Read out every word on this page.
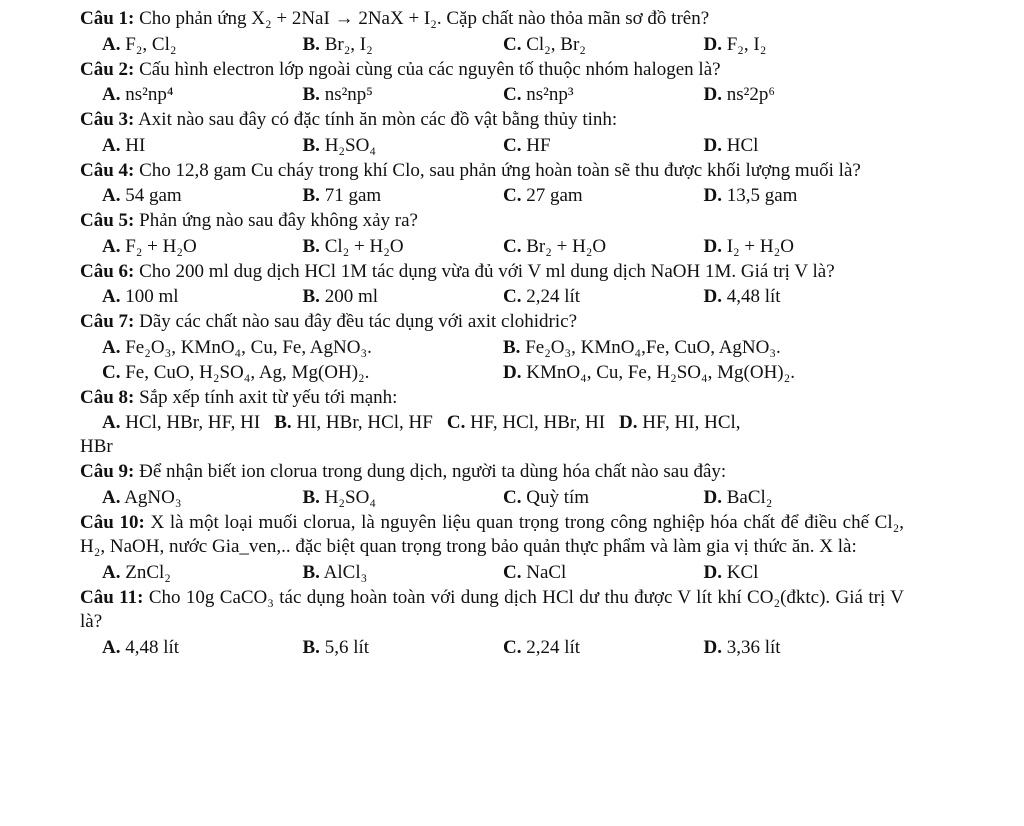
Câu 1: Cho phản ứng X₂ + 2NaI → 2NaX + I₂. Cặp chất nào thỏa mãn sơ đồ trên?

A. F₂, Cl₂	B. Br₂, I₂	C. Cl₂, Br₂	D. F₂, I₂

Câu 2: Cấu hình electron lớp ngoài cùng của các nguyên tố thuộc nhóm halogen là?

A. ns²np⁴	B. ns²np⁵	C. ns²np³	D. ns²2p⁶

Câu 3: Axit nào sau đây có đặc tính ăn mòn các đồ vật bằng thủy tinh:

A. HI	B. H₂SO₄	C. HF	D. HCl

Câu 4: Cho 12,8 gam Cu cháy trong khí Clo, sau phản ứng hoàn toàn sẽ thu được khối lượng muối là?

A. 54 gam	B. 71 gam	C. 27 gam	D. 13,5 gam

Câu 5: Phản ứng nào sau đây không xảy ra?

A. F₂ + H₂O	B. Cl₂ + H₂O	C. Br₂ + H₂O	D. I₂ + H₂O

Câu 6: Cho 200 ml dug dịch HCl 1M tác dụng vừa đủ với V ml dung dịch NaOH 1M. Giá trị V là?

A. 100 ml	B. 200 ml	C. 2,24 lít	D. 4,48 lít

Câu 7: Dãy các chất nào sau đây đều tác dụng với axit clohidric?

A. Fe₂O₃, KMnO₄, Cu, Fe, AgNO₃.	B. Fe₂O₃, KMnO₄,Fe, CuO, AgNO₃.
C. Fe, CuO, H₂SO₄, Ag, Mg(OH)₂.	D. KMnO₄, Cu, Fe, H₂SO₄, Mg(OH)₂.

Câu 8: Sắp xếp tính axit từ yếu tới mạnh:

A. HCl, HBr, HF, HI B. HI, HBr, HCl, HF C. HF, HCl, HBr, HI D. HF, HI, HCl,

HBr

Câu 9: Để nhận biết ion clorua trong dung dịch, người ta dùng hóa chất nào sau đây:

A. AgNO₃	B. H₂SO₄	C. Quỳ tím	D. BaCl₂

Câu 10: X là một loại muối clorua, là nguyên liệu quan trọng trong công nghiệp hóa chất để điều chế Cl₂, H₂, NaOH, nước Gia_ven,.. đặc biệt quan trọng trong bảo quản thực phẩm và làm gia vị thức ăn. X là:

A. ZnCl₂	B. AlCl₃	C. NaCl	D. KCl

Câu 11: Cho 10g CaCO₃ tác dụng hoàn toàn với dung dịch HCl dư thu được V lít khí CO₂(đktc). Giá trị V là?

A. 4,48 lít	B. 5,6 lít	C. 2,24 lít	D. 3,36 lít
